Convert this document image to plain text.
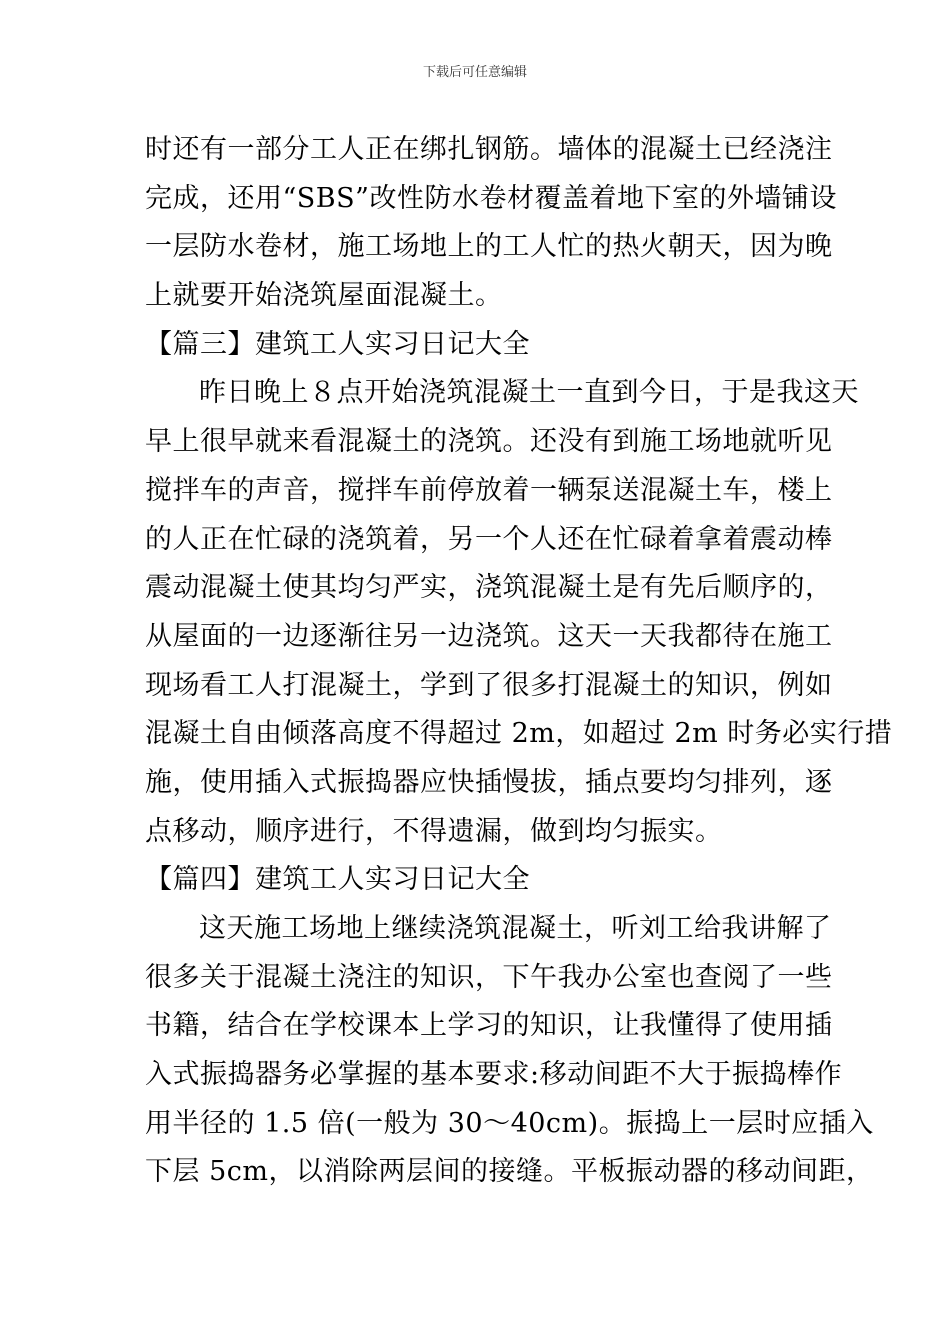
下载后可任意编辑
时还有一部分工人正在绑扎钢筋。墙体的混凝土已经浇注
完成，还用“SBS”改性防水卷材覆盖着地下室的外墙铺设
一层防水卷材，施工场地上的工人忙的热火朝天，因为晚
上就要开始浇筑屋面混凝土。
【篇三】建筑工人实习日记大全
昨日晚上８点开始浇筑混凝土一直到今日，于是我这天
早上很早就来看混凝土的浇筑。还没有到施工场地就听见
搅拌车的声音，搅拌车前停放着一辆泵送混凝土车，楼上
的人正在忙碌的浇筑着，另一个人还在忙碌着拿着震动棒
震动混凝土使其均匀严实，浇筑混凝土是有先后顺序的，
从屋面的一边逐渐往另一边浇筑。这天一天我都待在施工
现场看工人打混凝土，学到了很多打混凝土的知识，例如
混凝土自由倾落高度不得超过 2m，如超过 2m 时务必实行措
施，使用插入式振捣器应快插慢拔，插点要均匀排列，逐
点移动，顺序进行，不得遗漏，做到均匀振实。
【篇四】建筑工人实习日记大全
这天施工场地上继续浇筑混凝土，听刘工给我讲解了
很多关于混凝土浇注的知识，下午我办公室也查阅了一些
书籍，结合在学校课本上学习的知识，让我懂得了使用插
入式振捣器务必掌握的基本要求:移动间距不大于振捣棒作
用半径的 1.5 倍(一般为 30～40cm)。振捣上一层时应插入
下层 5cm，以消除两层间的接缝。平板振动器的移动间距，
